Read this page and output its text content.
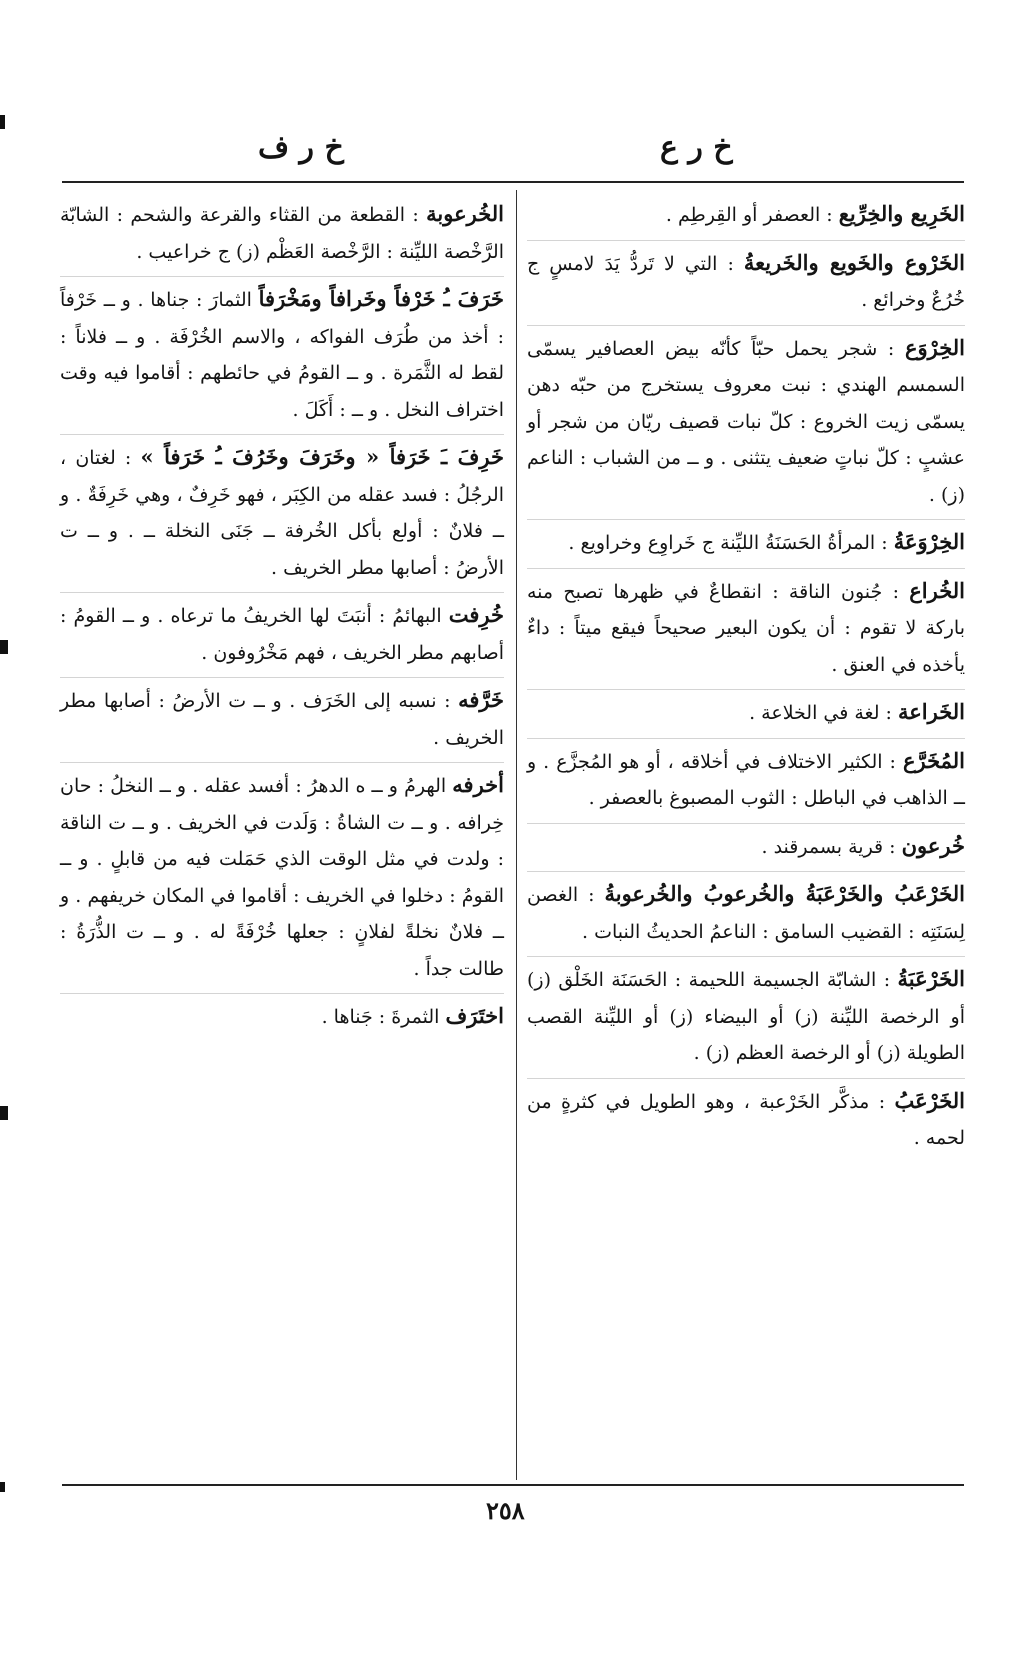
خ ر ع
خ ر ف

الخَرِيع والخِرِّيع : العصفر أو القِرطِم .

الخَرْوع والخَويع والخَريعةُ : التي لا تَردُّ يَدَ لامسٍ ج خُرُعٌ وخرائع .

الخِرْوَع : شجر يحمل حبّاً كأنّه بيض العصافير يسمّى السمسم الهندي : نبت معروف يستخرج من حبّه دهن يسمّى زيت الخروع : كلّ نبات قصيف ريّان من شجر أو عشبٍ : كلّ نباتٍ ضعيف يتثنى . و ــ من الشباب : الناعم (ز) .

الخِرْوَعَةُ : المرأةُ الحَسَنَةُ الليِّنة ج خَراوِع وخراويع .

الخُراع : جُنون الناقة : انقطاعٌ في ظهرها تصبح منه باركة لا تقوم : أن يكون البعير صحيحاً فيقع ميتاً : داءٌ يأخذه في العنق .

الخَراعة : لغة في الخلاعة .

المُخَرَّع : الكثير الاختلاف في أخلاقه ، أو هو المُجزَّع . و ــ الذاهب في الباطل : الثوب المصبوغ بالعصفر .

خُرعون : قرية بسمرقند .

الخَرْعَبُ والخَرْعَبَةُ والخُرعوبُ والخُرعوبةُ : الغصن لِسَنَتِه : القضيب السامق : الناعمُ الحديثُ النبات .

الخَرْعَبَةُ : الشابّة الجسيمة اللحيمة : الحَسَنَة الخَلْق (ز) أو الرخصة الليِّنة (ز) أو البيضاء (ز) أو الليِّنة القصب الطويلة (ز) أو الرخصة العظم (ز) .

الخَرْعَبُ : مذكَّر الخَرْعبة ، وهو الطويل في كثرةٍ من لحمه .

الخُرعوبة : القطعة من القثاء والقرعة والشحم : الشابّة الرَّخْصة الليِّنة : الرَّخْصة العَظْم (ز) ج خراعيب .

خَرَفَ ـُ خَرْفاً وخَرافاً ومَخْرَفاً الثمارَ : جناها . و ــ خَرْفاً : أخذ من طُرَف الفواكه ، والاسم الخُرْفَة . و ــ فلاناً : لقط له الثَّمَرة . و ــ القومُ في حائطهم : أقاموا فيه وقت اختراف النخل . و ــ : أَكَلَ .

خَرِفَ ـَ خَرَفاً « وخَرَفَ وخَرُفَ ـُ خَرَفاً » : لغتان ، الرجُلُ : فسد عقله من الكِبَر ، فهو خَرِفٌ ، وهي خَرِفَةٌ . و ــ فلانٌ : أولع بأكل الخُرفة ــ جَنَى النخلة ــ . و ــ ت الأرضُ : أصابها مطر الخريف .

خُرِفت البهائمُ : أنبَتَ لها الخريفُ ما ترعاه . و ــ القومُ : أصابهم مطر الخريف ، فهم مَخْرُوفون .

خَرَّفه : نسبه إلى الخَرَف . و ــ ت الأرضُ : أصابها مطر الخريف .

أخرفه الهرمُ و ــ ه الدهرُ : أفسد عقله . و ــ النخلُ : حان خِرافه . و ــ ت الشاةُ : وَلَدت في الخريف . و ــ ت الناقة : ولدت في مثل الوقت الذي حَمَلت فيه من قابلٍ . و ــ القومُ : دخلوا في الخريف : أقاموا في المكان خريفهم . و ــ فلانٌ نخلةً لفلانٍ : جعلها خُرْفَةً له . و ــ ت الذُّرَةُ : طالت جداً .

اختَرَف الثمرةَ : جَناها .

٢٥٨
